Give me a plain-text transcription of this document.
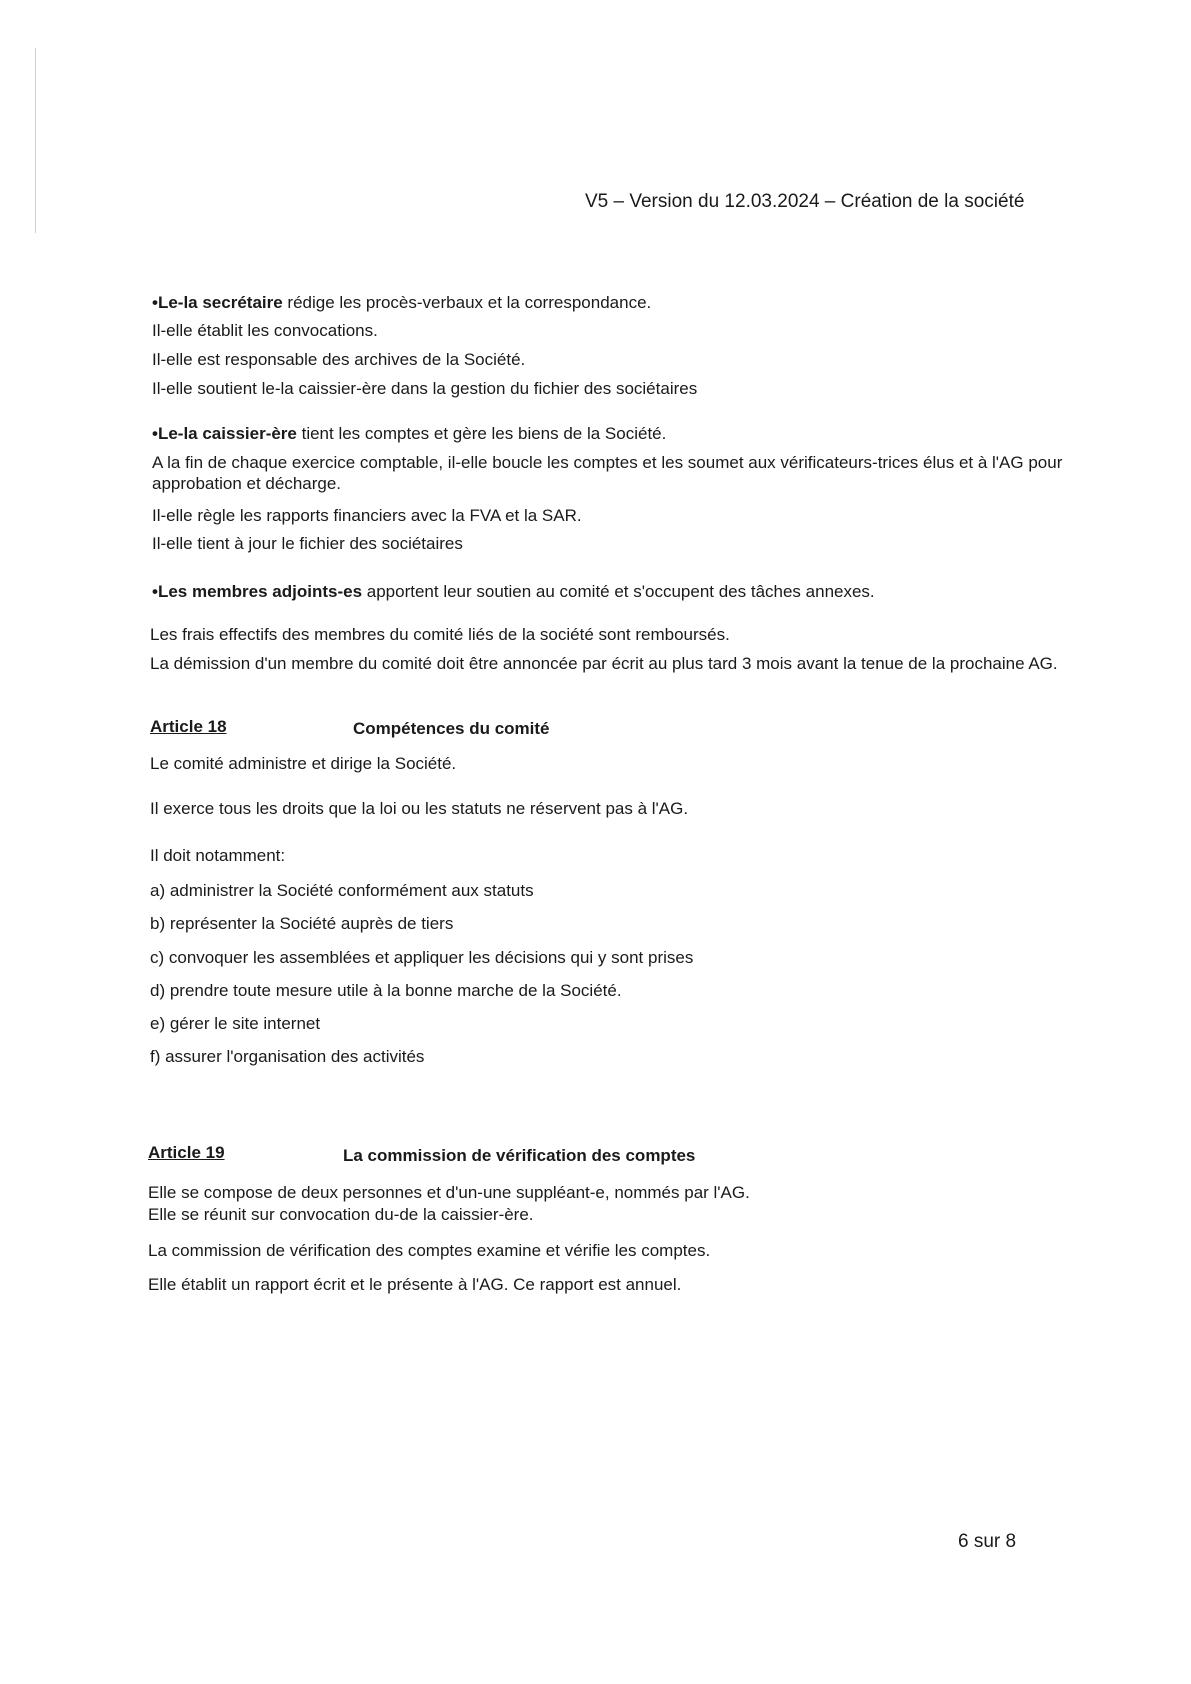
V5 – Version du 12.03.2024 – Création de la société
•Le-la secrétaire rédige les procès-verbaux et la correspondance.
Il-elle établit les convocations.
Il-elle est responsable des archives de la Société.
Il-elle soutient le-la caissier-ère dans la gestion du fichier des sociétaires
•Le-la caissier-ère tient les comptes et gère les biens de la Société.
A la fin de chaque exercice comptable, il-elle boucle les comptes et les soumet aux vérificateurs-trices élus et à l'AG pour
approbation et décharge.
Il-elle règle les rapports financiers avec la FVA et la SAR.
Il-elle tient à jour le fichier des sociétaires
•Les membres adjoints-es apportent leur soutien au comité et s'occupent des tâches annexes.
Les frais effectifs des membres du comité liés de la société sont remboursés.
La démission d'un membre du comité doit être annoncée par écrit au plus tard 3 mois avant la tenue de la prochaine AG.
Article 18	Compétences du comité
Le comité administre et dirige la Société.
Il exerce tous les droits que la loi ou les statuts ne réservent pas à l'AG.
Il doit notamment:
a) administrer la Société conformément aux statuts
b) représenter la Société auprès de tiers
c) convoquer les assemblées et appliquer les décisions qui y sont prises
d) prendre toute mesure utile à la bonne marche de la Société.
e) gérer le site internet
f) assurer l'organisation des activités
Article 19	La commission de vérification des comptes
Elle se compose de deux personnes et d'un-une suppléant-e, nommés par l'AG.
Elle se réunit sur convocation du-de la caissier-ère.
La commission de vérification des comptes examine et vérifie les comptes.
Elle établit un rapport écrit et le présente à l'AG. Ce rapport est annuel.
6 sur 8
